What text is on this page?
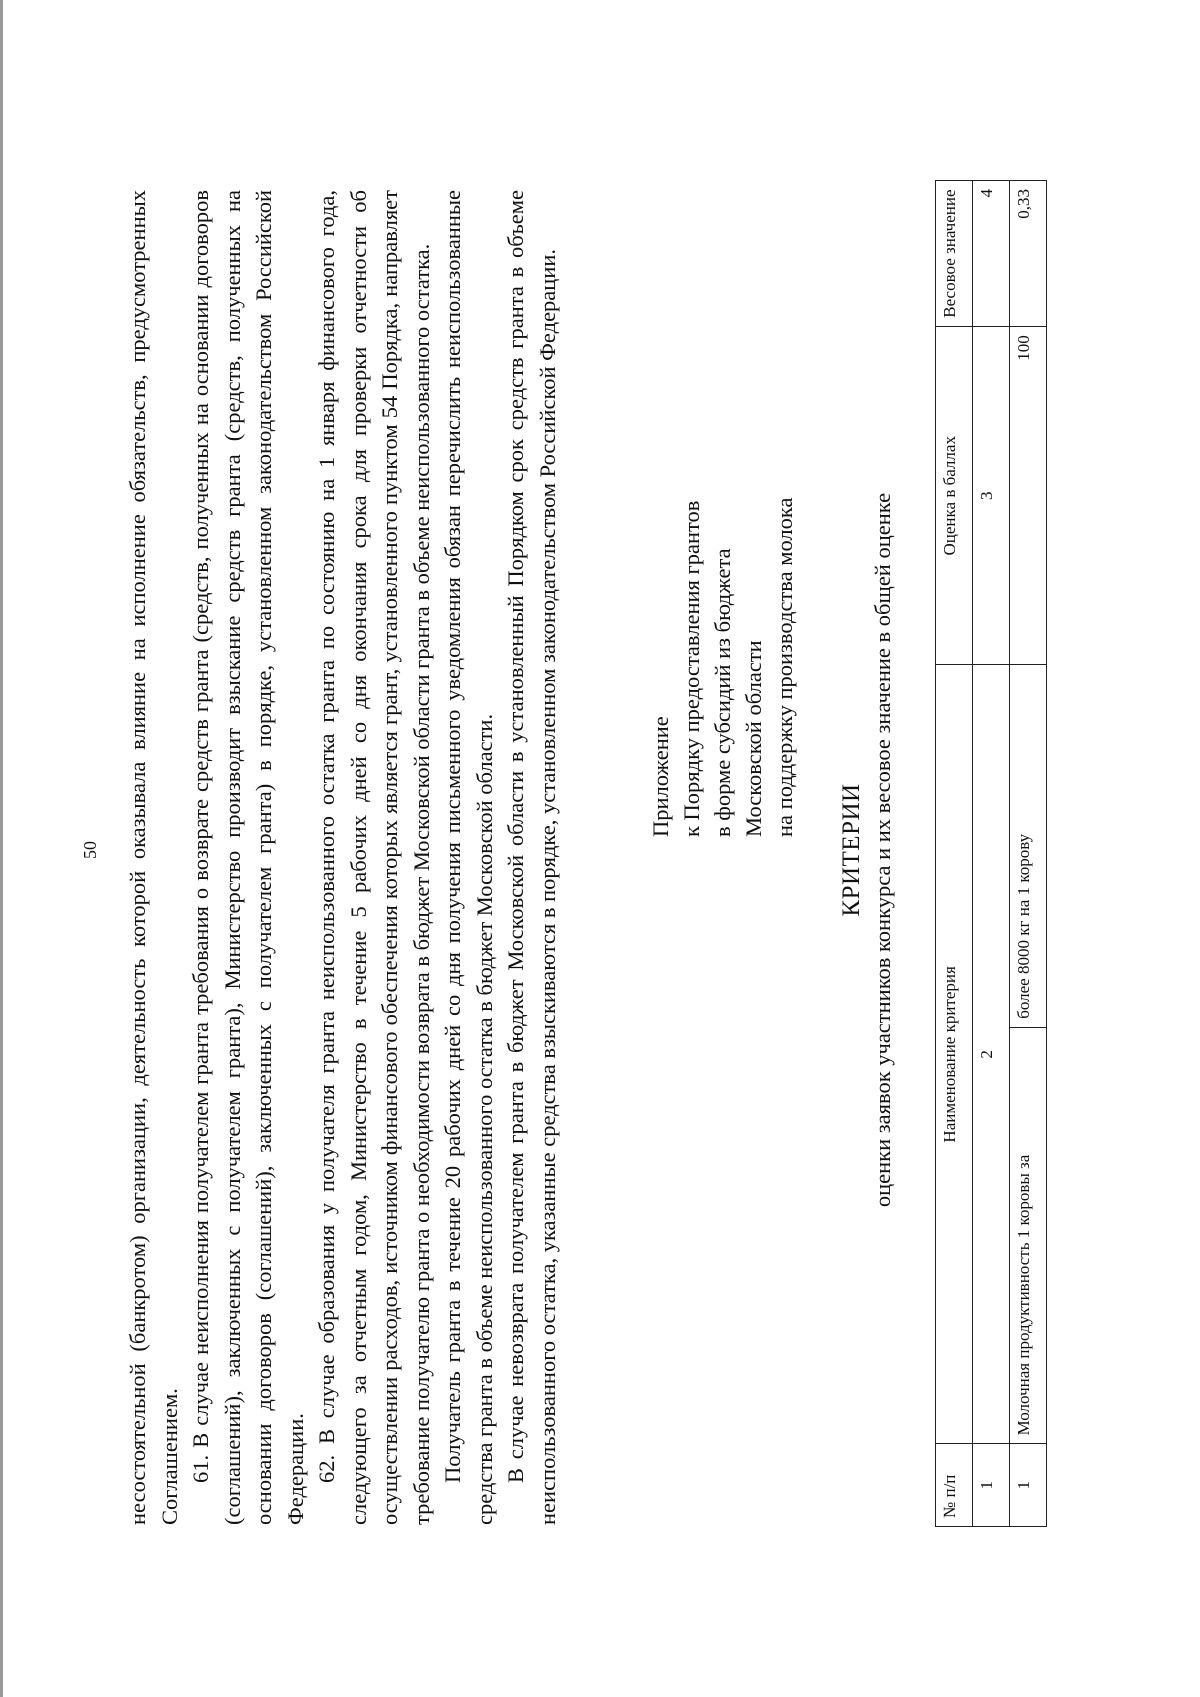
50 несостоятельной (банкротом) организации, деятельность которой оказывала влияние на исполнение обязательств, предусмотренных Соглашением. 61. В случае неисполнения получателем гранта требования о возврате средств гранта (средств, полученных на основании договоров (соглашений), заключенных с получателем гранта), Министерство производит взыскание средств гранта (средств, полученных на основании договоров (соглашений), заключенных с получателем гранта) в порядке, установленном законодательством Российской Федерации. 62. В случае образования у получателя гранта неиспользованного остатка гранта по состоянию на 1 января финансового года, следующего за отчетным годом, Министерство в течение 5 рабочих дней со дня окончания срока для проверки отчетности об осуществлении расходов, источником финансового обеспечения которых является грант, установленного пунктом 54 Порядка, направляет требование получателю гранта о необходимости возврата в бюджет Московской области гранта в объеме неиспользованного остатка. Получатель гранта в течение 20 рабочих дней со дня получения письменного уведомления обязан перечислить неиспользованные средства гранта в объеме неиспользованного остатка в бюджет Московской области. В случае невозврата получателем гранта в бюджет Московской области в установленный Порядком срок средств гранта в объеме неиспользованного остатка, указанные средства взыскиваются в порядке, установленном законодательством Российской Федерации.	Приложение к Порядку предоставления грантов в форме субсидий из бюджета Московской области на поддержку производства молока
КРИТЕРИИ оценки заявок участников конкурса и их весовое значение в общей оценке
№ п/п	Наименование критерия		Оценка в баллах	Весовое значение
1	2		3	4
1	Молочная продуктивность 1 коровы за	более 8000 кг на 1 корову	100	0,33
